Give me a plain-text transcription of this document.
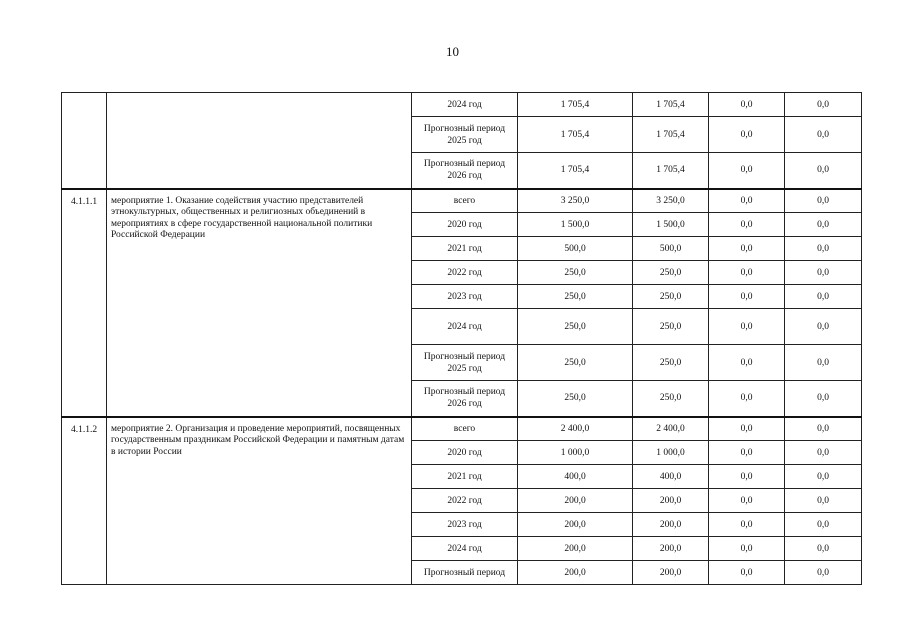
10
		2024 год	1 705,4	1 705,4	0,0	0,0
		Прогнозный период 2025 год	1 705,4	1 705,4	0,0	0,0
		Прогнозный период 2026 год	1 705,4	1 705,4	0,0	0,0
4.1.1.1	мероприятие 1. Оказание содействия участию представителей этнокультурных, общественных и религиозных объединений в мероприятиях в сфере государственной национальной политики Российской Федерации	всего	3 250,0	3 250,0	0,0	0,0
		2020 год	1 500,0	1 500,0	0,0	0,0
		2021 год	500,0	500,0	0,0	0,0
		2022 год	250,0	250,0	0,0	0,0
		2023 год	250,0	250,0	0,0	0,0
		2024 год	250,0	250,0	0,0	0,0
		Прогнозный период 2025 год	250,0	250,0	0,0	0,0
		Прогнозный период 2026 год	250,0	250,0	0,0	0,0
4.1.1.2	мероприятие 2. Организация и проведение мероприятий, посвященных государственным праздникам Российской Федерации и памятным датам в истории России	всего	2 400,0	2 400,0	0,0	0,0
		2020 год	1 000,0	1 000,0	0,0	0,0
		2021 год	400,0	400,0	0,0	0,0
		2022 год	200,0	200,0	0,0	0,0
		2023 год	200,0	200,0	0,0	0,0
		2024 год	200,0	200,0	0,0	0,0
		Прогнозный период	200,0	200,0	0,0	0,0
